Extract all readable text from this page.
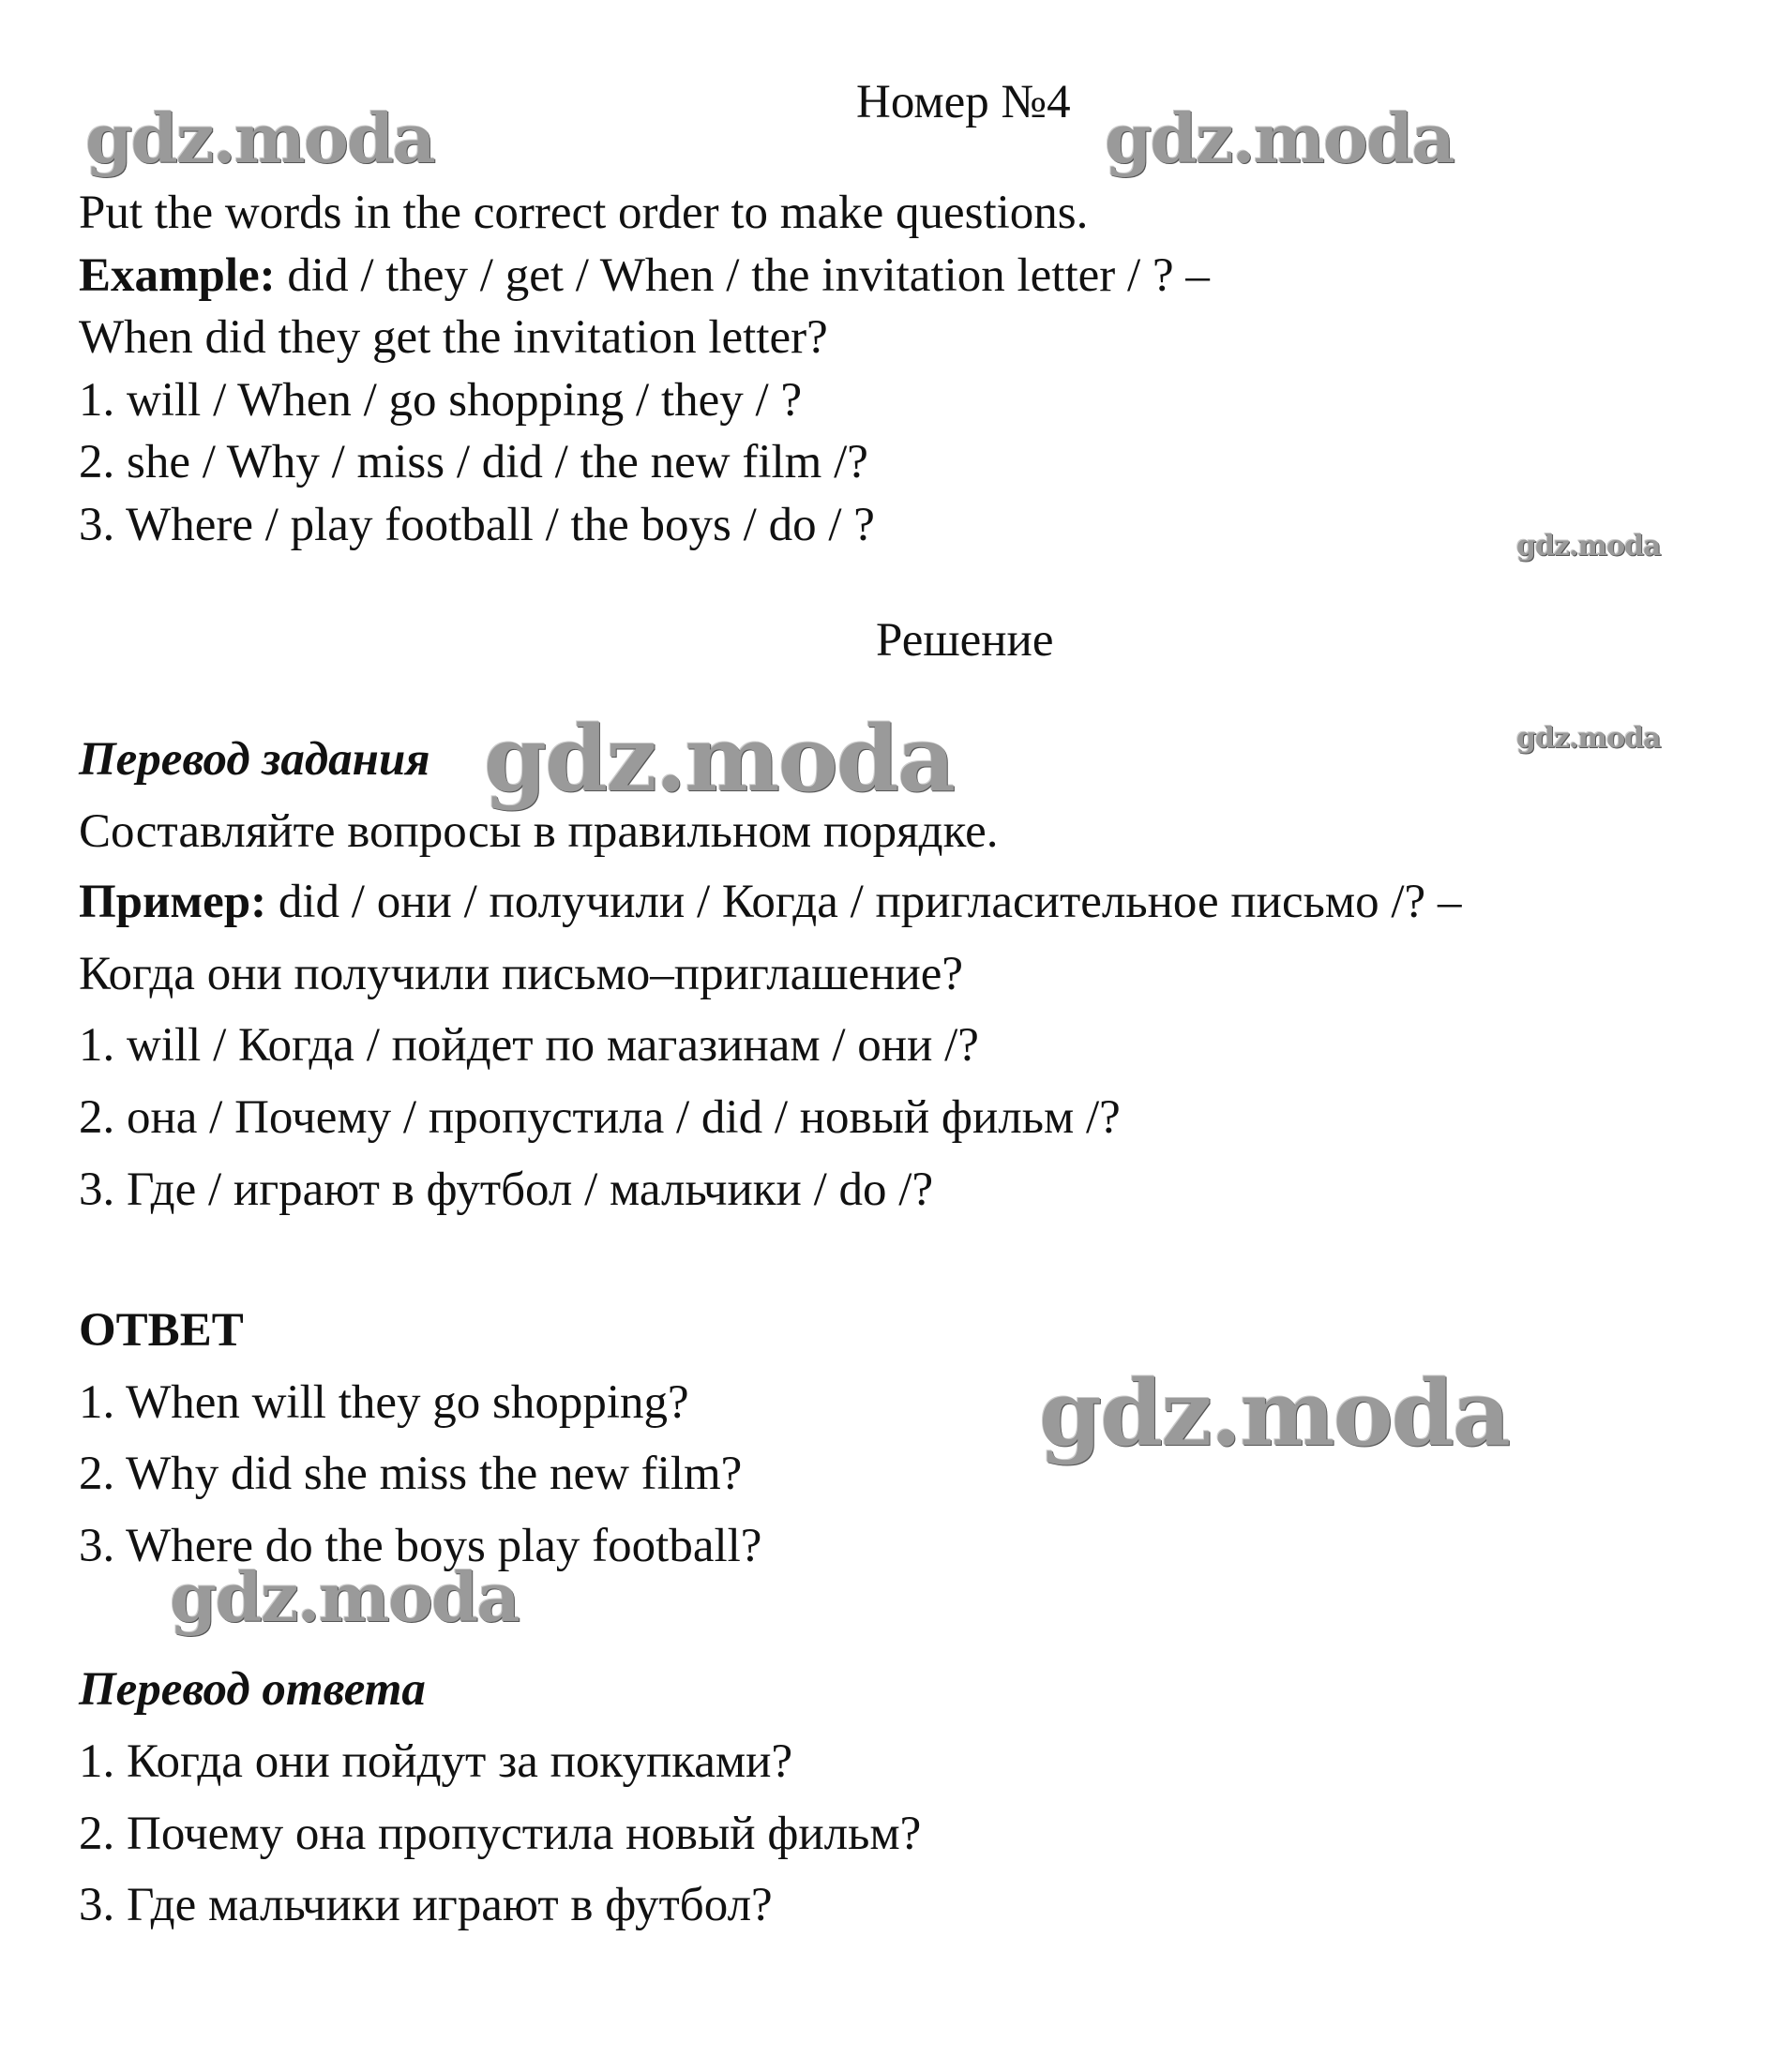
gdz.moda	gdz.moda
gdz.moda
gdz.moda
gdz.moda
gdz.moda
gdz.moda
Номер №4
Put the words in the correct order to make questions.
Example: did / they / get / When / the invitation letter / ? –
When did they get the invitation letter?
1. will / When / go shopping / they / ?
2. she / Why / miss / did / the new film /?
3. Where / play football / the boys / do / ?
Решение
Перевод задания
Составляйте вопросы в правильном порядке.
Пример: did / они / получили / Когда / пригласительное письмо /? –
Когда они получили письмо–приглашение?
1. will / Когда / пойдет по магазинам / они /?
2. она / Почему / пропустила / did / новый фильм /?
3. Где / играют в футбол / мальчики / do /?
ОТВЕТ
1. When will they go shopping?
2. Why did she miss the new film?
3. Where do the boys play football?
Перевод ответа
1. Когда они пойдут за покупками?
2. Почему она пропустила новый фильм?
3. Где мальчики играют в футбол?
